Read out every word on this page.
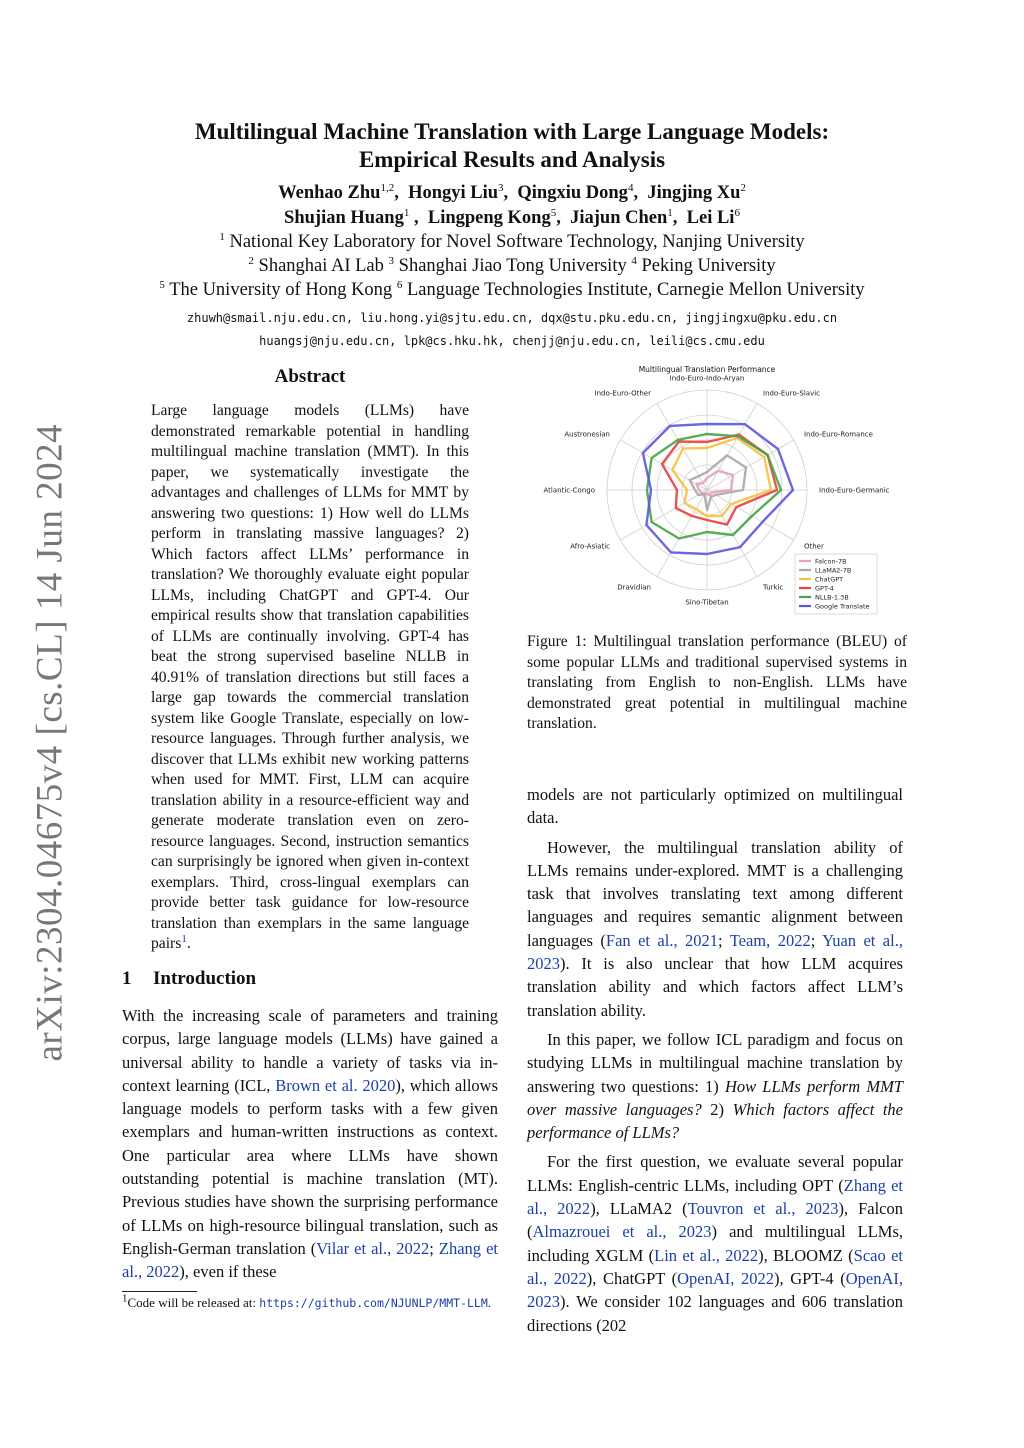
arXiv:2304.04675v4 [cs.CL] 14 Jun 2024
Multilingual Machine Translation with Large Language Models:
Empirical Results and Analysis
Wenhao Zhu$^{1,2}$,  Hongyi Liu$^3$,  Qingxiu Dong$^4$,  Jingjing Xu$^2$
Shujian Huang$^1$ ,  Lingpeng Kong$^5$,  Jiajun Chen$^1$,  Lei Li$^6$
$^1$ National Key Laboratory for Novel Software Technology, Nanjing University
$^2$ Shanghai AI Lab $^3$ Shanghai Jiao Tong University $^4$ Peking University
$^5$ The University of Hong Kong $^6$ Language Technologies Institute, Carnegie Mellon University
zhuwh@smail.nju.edu.cn, liu.hong.yi@sjtu.edu.cn, dqx@stu.pku.edu.cn, jingjingxu@pku.edu.cn
huangsj@nju.edu.cn, lpk@cs.hku.hk, chenjj@nju.edu.cn, leili@cs.cmu.edu
Abstract

Large language models (LLMs) have demonstrated remarkable potential in handling multilingual machine translation (MMT). In this paper, we systematically investigate the advantages and challenges of LLMs for MMT by answering two questions: 1) How well do LLMs perform in translating massive languages? 2) Which factors affect LLMs’ performance in translation? We thoroughly evaluate eight popular LLMs, including ChatGPT and GPT-4. Our empirical results show that translation capabilities of LLMs are continually involving. GPT-4 has beat the strong supervised baseline NLLB in 40.91% of translation directions but still faces a large gap towards the commercial translation system like Google Translate, especially on low-resource languages. Through further analysis, we discover that LLMs exhibit new working patterns when used for MMT. First, LLM can acquire translation ability in a resource-efficient way and generate moderate translation even on zero-resource languages. Second, instruction semantics can surprisingly be ignored when given in-context exemplars. Third, cross-lingual exemplars can provide better task guidance for low-resource translation than exemplars in the same language pairs$^1$.

1 Introduction

With the increasing scale of parameters and training corpus, large language models (LLMs) have gained a universal ability to handle a variety of tasks via in-context learning (ICL, Brown et al. 2020), which allows language models to perform tasks with a few given exemplars and human-written instructions as context. One particular area where LLMs have shown outstanding potential is machine translation (MT). Previous studies have shown the surprising performance of LLMs on high-resource bilingual translation, such as English-German translation (Vilar et al., 2022; Zhang et al., 2022), even if these

$^1$Code will be released at: https://github.com/NJUNLP/MMT-LLM.
Multilingual Translation Performance
Indo-Euro-Indo-Aryan
Indo-Euro-Slavic
Indo-Euro-Romance
Indo-Euro-Germanic
Other
Turkic
Sino-Tibetan
Dravidian
Afro-Asiatic
Atlantic-Congo
Austronesian
Indo-Euro-Other
Falcon-7B
LLaMA2-7B
ChatGPT
GPT-4
NLLB-1.3B
Google Translate
Figure 1: Multilingual translation performance (BLEU) of some popular LLMs and traditional supervised systems in translating from English to non-English. LLMs have demonstrated great potential in multilingual machine translation.

models are not particularly optimized on multilingual data.

However, the multilingual translation ability of LLMs remains under-explored. MMT is a challenging task that involves translating text among different languages and requires semantic alignment between languages (Fan et al., 2021; Team, 2022; Yuan et al., 2023). It is also unclear that how LLM acquires translation ability and which factors affect LLM’s translation ability.

In this paper, we follow ICL paradigm and focus on studying LLMs in multilingual machine translation by answering two questions: 1) How LLMs perform MMT over massive languages? 2) Which factors affect the performance of LLMs?

For the first question, we evaluate several popular LLMs: English-centric LLMs, including OPT (Zhang et al., 2022), LLaMA2 (Touvron et al., 2023), Falcon (Almazrouei et al., 2023) and multilingual LLMs, including XGLM (Lin et al., 2022), BLOOMZ (Scao et al., 2022), ChatGPT (OpenAI, 2022), GPT-4 (OpenAI, 2023). We consider 102 languages and 606 translation directions (202
